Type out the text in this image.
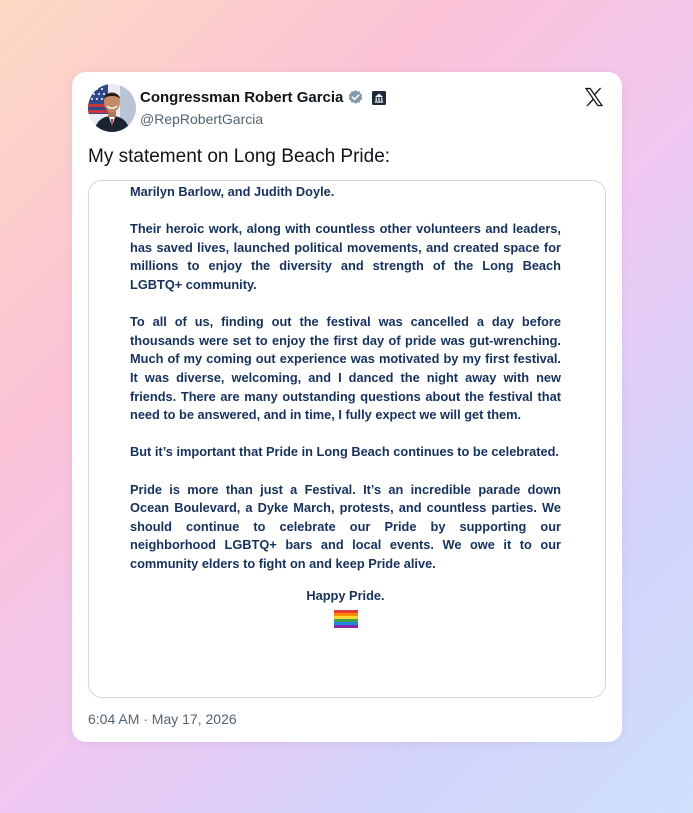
Congressman Robert Garcia
@RepRobertGarcia
My statement on Long Beach Pride:

Marilyn Barlow, and Judith Doyle.

Their heroic work, along with countless other volunteers and leaders, has saved lives, launched political movements, and created space for millions to enjoy the diversity and strength of the Long Beach LGBTQ+ community.

To all of us, finding out the festival was cancelled a day before thousands were set to enjoy the first day of pride was gut-wrenching. Much of my coming out experience was motivated by my first festival. It was diverse, welcoming, and I danced the night away with new friends. There are many outstanding questions about the festival that need to be answered, and in time, I fully expect we will get them.

But it’s important that Pride in Long Beach continues to be celebrated.

Pride is more than just a Festival. It’s an incredible parade down Ocean Boulevard, a Dyke March, protests, and countless parties. We should continue to celebrate our Pride by supporting our neighborhood LGBTQ+ bars and local events. We owe it to our community elders to fight on and keep Pride alive.

Happy Pride.
6:04 AM · May 17, 2026
